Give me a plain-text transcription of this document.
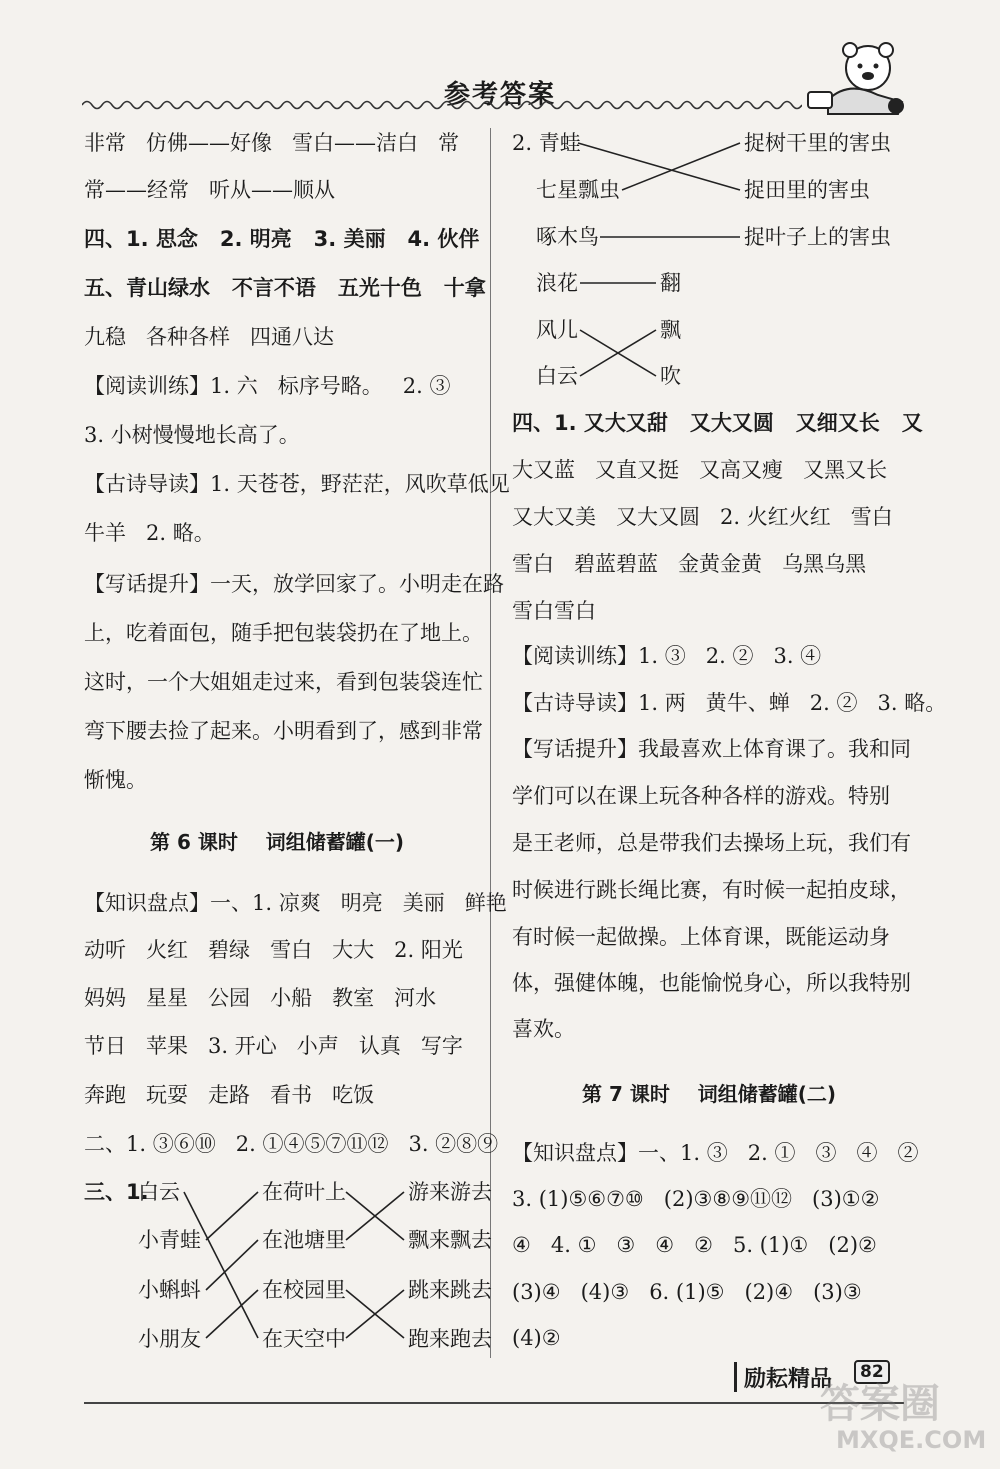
参考答案
非常   仿佛——好像   雪白——洁白   常
常——经常   听从——顺从
四、1. 思念   2. 明亮   3. 美丽   4. 伙伴
五、青山绿水   不言不语   五光十色   十拿
九稳   各种各样   四通八达
【阅读训练】1. 六   标序号略。   2. ③
3. 小树慢慢地长高了。
【古诗导读】1. 天苍苍，野茫茫，风吹草低见
牛羊   2. 略。
【写话提升】一天，放学回家了。小明走在路
上，吃着面包，随手把包装袋扔在了地上。
这时，一个大姐姐走过来，看到包装袋连忙
弯下腰去捡了起来。小明看到了，感到非常
惭愧。
第 6 课时    词组储蓄罐(一)
【知识盘点】一、1. 凉爽   明亮   美丽   鲜艳
动听   火红   碧绿   雪白   大大   2. 阳光
妈妈   星星   公园   小船   教室   河水
节日   苹果   3. 开心   小声   认真   写字
奔跑   玩耍   走路   看书   吃饭
二、1. ③⑥⑩   2. ①④⑤⑦⑪⑫   3. ②⑧⑨
三、1.
白云
小青蛙
小蝌蚪
小朋友
在荷叶上
在池塘里
在校园里
在天空中
游来游去
飘来飘去
跳来跳去
跑来跑去
2. 青蛙
七星瓢虫
啄木鸟
捉树干里的害虫
捉田里的害虫
捉叶子上的害虫
浪花
风儿
白云
翻
飘
吹
四、1. 又大又甜   又大又圆   又细又长   又
大又蓝   又直又挺   又高又瘦   又黑又长
又大又美   又大又圆   2. 火红火红   雪白
雪白   碧蓝碧蓝   金黄金黄   乌黑乌黑
雪白雪白
【阅读训练】1. ③   2. ②   3. ④
【古诗导读】1. 两   黄牛、蝉   2. ②   3. 略。
【写话提升】我最喜欢上体育课了。我和同
学们可以在课上玩各种各样的游戏。特别
是王老师，总是带我们去操场上玩，我们有
时候进行跳长绳比赛，有时候一起拍皮球，
有时候一起做操。上体育课，既能运动身
体，强健体魄，也能愉悦身心，所以我特别
喜欢。
第 7 课时    词组储蓄罐(二)
【知识盘点】一、1. ③   2. ①   ③   ④   ②
3. (1)⑤⑥⑦⑩   (2)③⑧⑨⑪⑫   (3)①②
④   4. ①   ③   ④   ②   5. (1)①   (2)②
(3)④   (4)③   6. (1)⑤   (2)④   (3)③
(4)②
励耘精品	82
答案圈
MXQE.COM
